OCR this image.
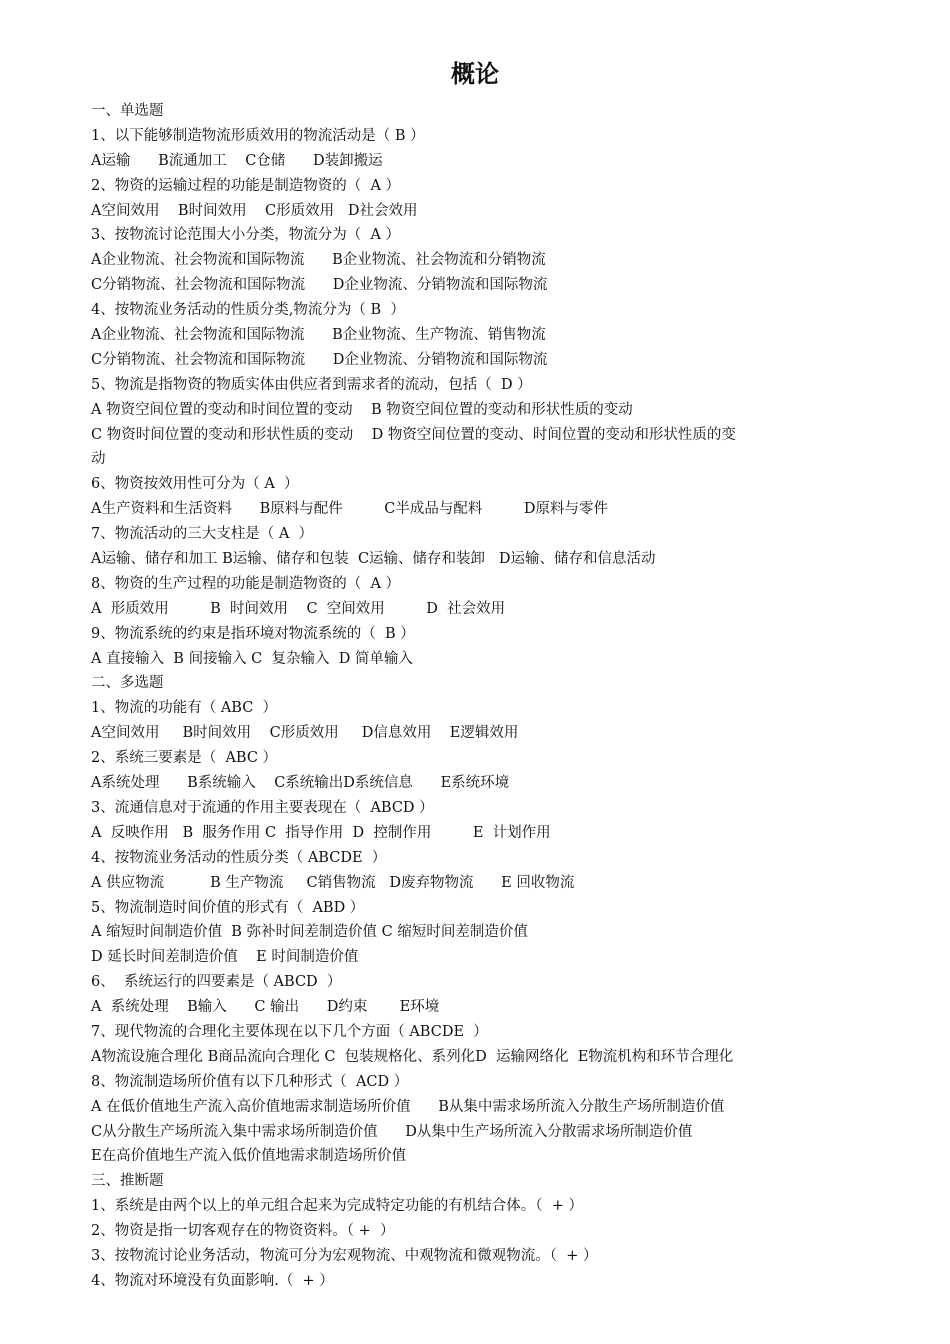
概论
一、单选题
1、以下能够制造物流形质效用的物流活动是（ B ）
A运输      B流通加工    C仓储      D装卸搬运
2、物资的运输过程的功能是制造物资的（  A ）
A空间效用    B时间效用    C形质效用   D社会效用
3、按物流讨论范围大小分类，物流分为（  A ）
A企业物流、社会物流和国际物流      B企业物流、社会物流和分销物流
C分销物流、社会物流和国际物流      D企业物流、分销物流和国际物流
4、按物流业务活动的性质分类,物流分为（ B  ）
A企业物流、社会物流和国际物流      B企业物流、生产物流、销售物流
C分销物流、社会物流和国际物流      D企业物流、分销物流和国际物流
5、物流是指物资的物质实体由供应者到需求者的流动，包括（  D ）
A 物资空间位置的变动和时间位置的变动    B 物资空间位置的变动和形状性质的变动
C 物资时间位置的变动和形状性质的变动    D 物资空间位置的变动、时间位置的变动和形状性质的变
动
6、物资按效用性可分为（ A  ）
A生产资料和生活资料      B原料与配件         C半成品与配料         D原料与零件
7、物流活动的三大支柱是（ A  ）
A运输、储存和加工 B运输、储存和包装  C运输、储存和装卸   D运输、储存和信息活动
8、物资的生产过程的功能是制造物资的（  A ）
A  形质效用         B  时间效用    C  空间效用         D  社会效用
9、物流系统的约束是指环境对物流系统的（  B ）
A 直接输入  B 间接输入 C  复杂输入  D 简单输入
二、多选题
1、物流的功能有（ ABC  ）
A空间效用     B时间效用    C形质效用     D信息效用    E逻辑效用
2、系统三要素是（  ABC ）
A系统处理      B系统输入    C系统输出D系统信息      E系统环境
3、流通信息对于流通的作用主要表现在（  ABCD ）
A  反映作用   B  服务作用 C  指导作用  D  控制作用         E  计划作用
4、按物流业务活动的性质分类（ ABCDE  ）
A 供应物流          B 生产物流     C销售物流   D废弃物物流      E 回收物流
5、物流制造时间价值的形式有（  ABD ）
A 缩短时间制造价值  B 弥补时间差制造价值 C 缩短时间差制造价值
D 延长时间差制造价值    E 时间制造价值
6、  系统运行的四要素是（ ABCD  ）
A  系统处理    B输入      C 输出      D约束       E环境
7、现代物流的合理化主要体现在以下几个方面（ ABCDE  ）
A物流设施合理化 B商品流向合理化 C  包装规格化、系列化D  运输网络化  E物流机构和环节合理化
8、物流制造场所价值有以下几种形式（  ACD ）
A 在低价值地生产流入高价值地需求制造场所价值      B从集中需求场所流入分散生产场所制造价值
C从分散生产场所流入集中需求场所制造价值      D从集中生产场所流入分散需求场所制造价值
E在高价值地生产流入低价值地需求制造场所价值
三、推断题
1、系统是由两个以上的单元组合起来为完成特定功能的有机结合体。（  + ）
2、物资是指一切客观存在的物资资料。（ +  ）
3、按物流讨论业务活动，物流可分为宏观物流、中观物流和微观物流。（  + ）
4、物流对环境没有负面影响.（  + ）
